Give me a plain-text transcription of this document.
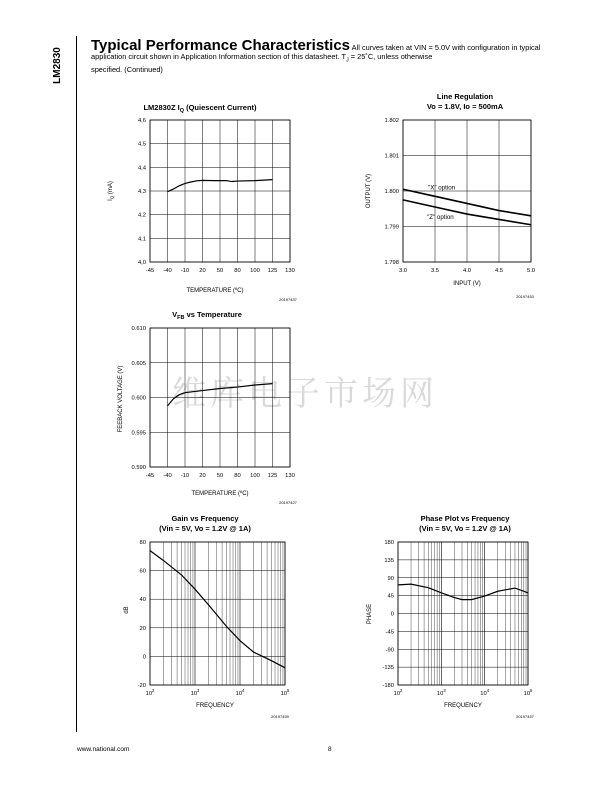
LM2830
Typical Performance Characteristics All curves taken at VIN = 5.0V with configuration in typical
application circuit shown in Application Information section of this datasheet. $T_J$ = 25˚C, unless otherwise
specified. (Continued)
维库电子市场网
LM2830Z $I_Q$ (Quiescent Current)
4,0
4,1
4,2
4,3
4,4
4,5
4,6
-45 -40 -10 20 50 80 100 125 130
$I_Q$ (mA)
TEMPERATURE (ºC)
20197437
Line Regulation
Vo = 1.8V, Io = 500mA
1.798
1.799
1.800
1.801
1.802
3.0	3.5	4.0	4.5	5.0
"X" option
"Z" option
OUTPUT (V)
INPUT (V)
20197453
$V_{FB}$ vs Temperature
0.590
0.595
0.600
0.605
0.610
-45 -40 -10 20 50 80 100 125 130
FEEBACK VOLTAGE (V)
TEMPERATURE (ºC)
20197427
Gain vs Frequency
(Vin = 5V, Vo = 1.2V @ 1A)
-20
0
20
40
60
80
$10^2$
$10^3$
$10^4$
$10^5$
dB
FREQUENCY
20197459
Phase Plot vs Frequency
(Vin = 5V, Vo = 1.2V @ 1A)
-180
-135
-90
-45
0
45
90
135
180
$10^2$
$10^3$
$10^4$
$10^5$
PHASE
FREQUENCY
20197457
www.national.com	8
